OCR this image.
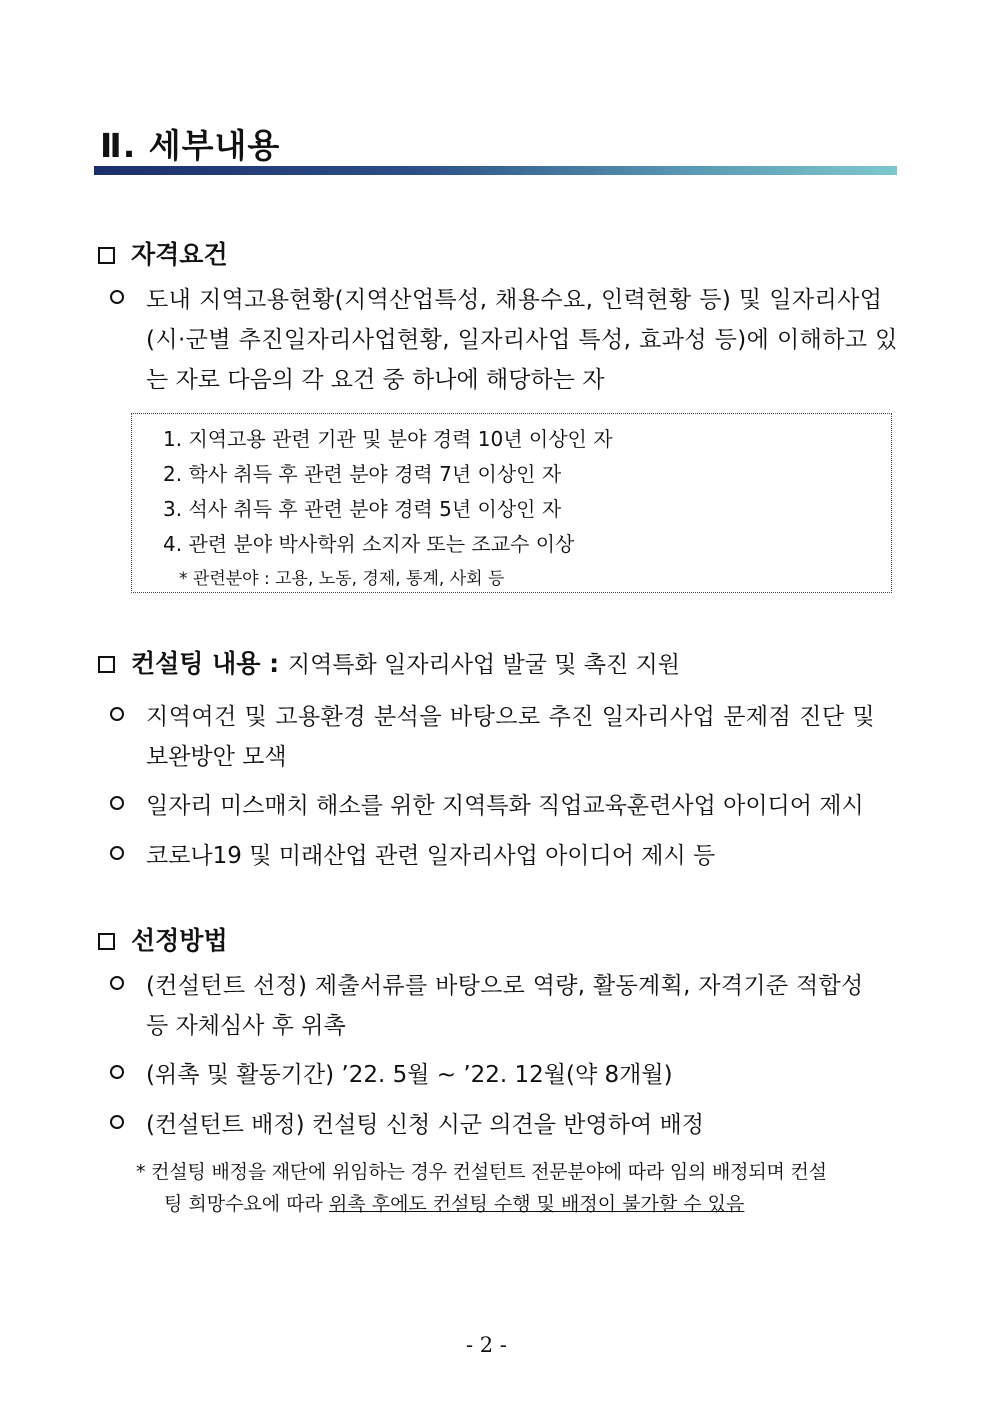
Ⅱ. 세부내용
자격요건
도내 지역고용현황(지역산업특성, 채용수요, 인력현황 등) 및 일자리사업
(시·군별 추진일자리사업현황, 일자리사업 특성, 효과성 등)에 이해하고 있
는 자로 다음의 각 요건 중 하나에 해당하는 자
1. 지역고용 관련 기관 및 분야 경력 10년 이상인 자
2. 학사 취득 후 관련 분야 경력 7년 이상인 자
3. 석사 취득 후 관련 분야 경력 5년 이상인 자
4. 관련 분야 박사학위 소지자 또는 조교수 이상
* 관련분야 : 고용, 노동, 경제, 통계, 사회 등
컨설팅 내용 : 지역특화 일자리사업 발굴 및 촉진 지원
지역여건 및 고용환경 분석을 바탕으로 추진 일자리사업 문제점 진단 및
보완방안 모색
일자리 미스매치 해소를 위한 지역특화 직업교육훈련사업 아이디어 제시
코로나19 및 미래산업 관련 일자리사업 아이디어 제시 등
선정방법
(컨설턴트 선정) 제출서류를 바탕으로 역량, 활동계획, 자격기준 적합성
등 자체심사 후 위촉
(위촉 및 활동기간) ’22. 5월 ~ ’22. 12월(약 8개월)
(컨설턴트 배정) 컨설팅 신청 시군 의견을 반영하여 배정
* 컨설팅 배정을 재단에 위임하는 경우 컨설턴트 전문분야에 따라 임의 배정되며 컨설
팅 희망수요에 따라 위촉 후에도 컨설팅 수행 및 배정이 불가할 수 있음
- 2 -
